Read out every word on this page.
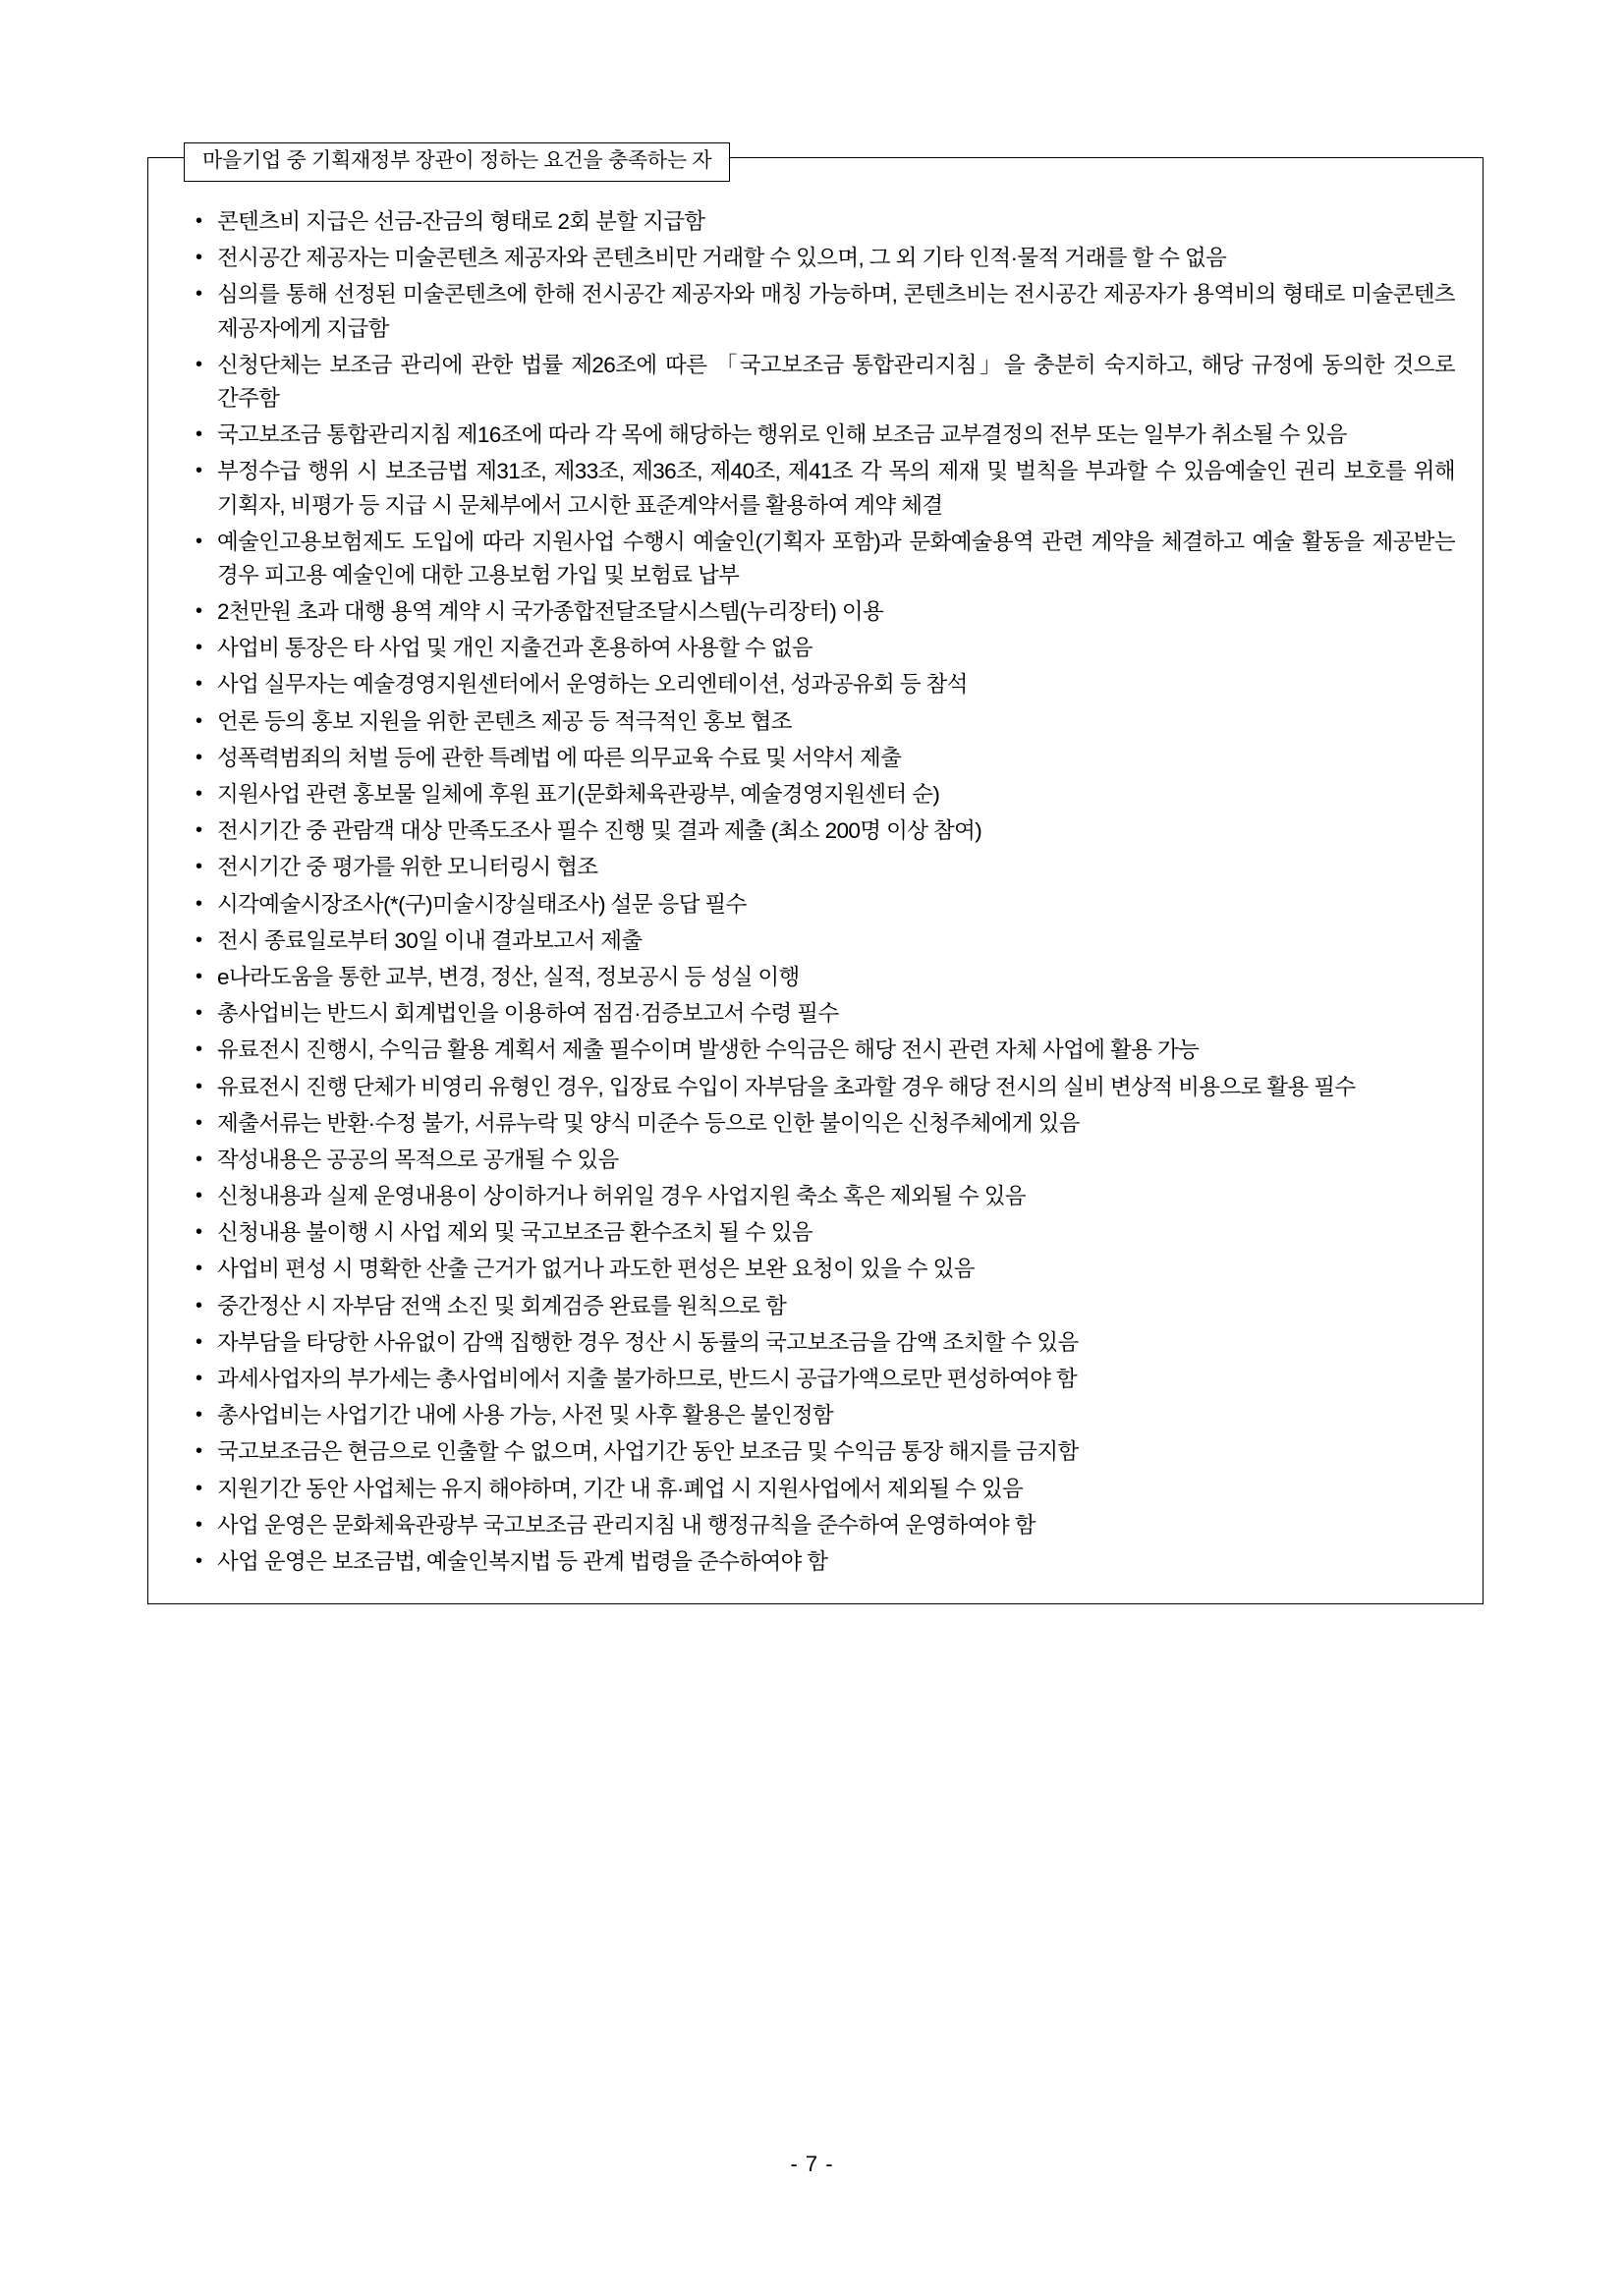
마을기업 중 기획재정부 장관이 정하는 요건을 충족하는 자
• 콘텐츠비 지급은 선금-잔금의 형태로 2회 분할 지급함
• 전시공간 제공자는 미술콘텐츠 제공자와 콘텐츠비만 거래할 수 있으며, 그 외 기타 인적·물적 거래를 할 수 없음
• 심의를 통해 선정된 미술콘텐츠에 한해 전시공간 제공자와 매칭 가능하며, 콘텐츠비는 전시공간 제공자가 용역비의 형태로 미술콘텐츠 제공자에게 지급함
• 신청단체는 보조금 관리에 관한 법률 제26조에 따른 「국고보조금 통합관리지침」을 충분히 숙지하고, 해당 규정에 동의한 것으로 간주함
• 국고보조금 통합관리지침 제16조에 따라 각 목에 해당하는 행위로 인해 보조금 교부결정의 전부 또는 일부가 취소될 수 있음
• 부정수급 행위 시 보조금법 제31조, 제33조, 제36조, 제40조, 제41조 각 목의 제재 및 벌칙을 부과할 수 있음예술인 권리 보호를 위해 기획자, 비평가 등 지급 시 문체부에서 고시한 표준계약서를 활용하여 계약 체결
• 예술인고용보험제도 도입에 따라 지원사업 수행시 예술인(기획자 포함)과 문화예술용역 관련 계약을 체결하고 예술 활동을 제공받는 경우 피고용 예술인에 대한 고용보험 가입 및 보험료 납부
• 2천만원 초과 대행 용역 계약 시 국가종합전달조달시스템(누리장터) 이용
• 사업비 통장은 타 사업 및 개인 지출건과 혼용하여 사용할 수 없음
• 사업 실무자는 예술경영지원센터에서 운영하는 오리엔테이션, 성과공유회 등 참석
• 언론 등의 홍보 지원을 위한 콘텐츠 제공 등 적극적인 홍보 협조
• 성폭력범죄의 처벌 등에 관한 특례법 에 따른 의무교육 수료 및 서약서 제출
• 지원사업 관련 홍보물 일체에 후원 표기(문화체육관광부, 예술경영지원센터 순)
• 전시기간 중 관람객 대상 만족도조사 필수 진행 및 결과 제출 (최소 200명 이상 참여)
• 전시기간 중 평가를 위한 모니터링시 협조
• 시각예술시장조사(*(구)미술시장실태조사) 설문 응답 필수
• 전시 종료일로부터 30일 이내 결과보고서 제출
• e나라도움을 통한 교부, 변경, 정산, 실적, 정보공시 등 성실 이행
• 총사업비는 반드시 회계법인을 이용하여 점검·검증보고서 수령 필수
• 유료전시 진행시, 수익금 활용 계획서 제출 필수이며 발생한 수익금은 해당 전시 관련 자체 사업에 활용 가능
• 유료전시 진행 단체가 비영리 유형인 경우, 입장료 수입이 자부담을 초과할 경우 해당 전시의 실비 변상적 비용으로 활용 필수
• 제출서류는 반환·수정 불가, 서류누락 및 양식 미준수 등으로 인한 불이익은 신청주체에게 있음
• 작성내용은 공공의 목적으로 공개될 수 있음
• 신청내용과 실제 운영내용이 상이하거나 허위일 경우 사업지원 축소 혹은 제외될 수 있음
• 신청내용 불이행 시 사업 제외 및 국고보조금 환수조치 될 수 있음
• 사업비 편성 시 명확한 산출 근거가 없거나 과도한 편성은 보완 요청이 있을 수 있음
• 중간정산 시 자부담 전액 소진 및 회계검증 완료를 원칙으로 함
• 자부담을 타당한 사유없이 감액 집행한 경우 정산 시 동률의 국고보조금을 감액 조치할 수 있음
• 과세사업자의 부가세는 총사업비에서 지출 불가하므로, 반드시 공급가액으로만 편성하여야 함
• 총사업비는 사업기간 내에 사용 가능, 사전 및 사후 활용은 불인정함
• 국고보조금은 현금으로 인출할 수 없으며, 사업기간 동안 보조금 및 수익금 통장 해지를 금지함
• 지원기간 동안 사업체는 유지 해야하며, 기간 내 휴·폐업 시 지원사업에서 제외될 수 있음
• 사업 운영은 문화체육관광부 국고보조금 관리지침 내 행정규칙을 준수하여 운영하여야 함
• 사업 운영은 보조금법, 예술인복지법 등 관계 법령을 준수하여야 함
- 7 -
